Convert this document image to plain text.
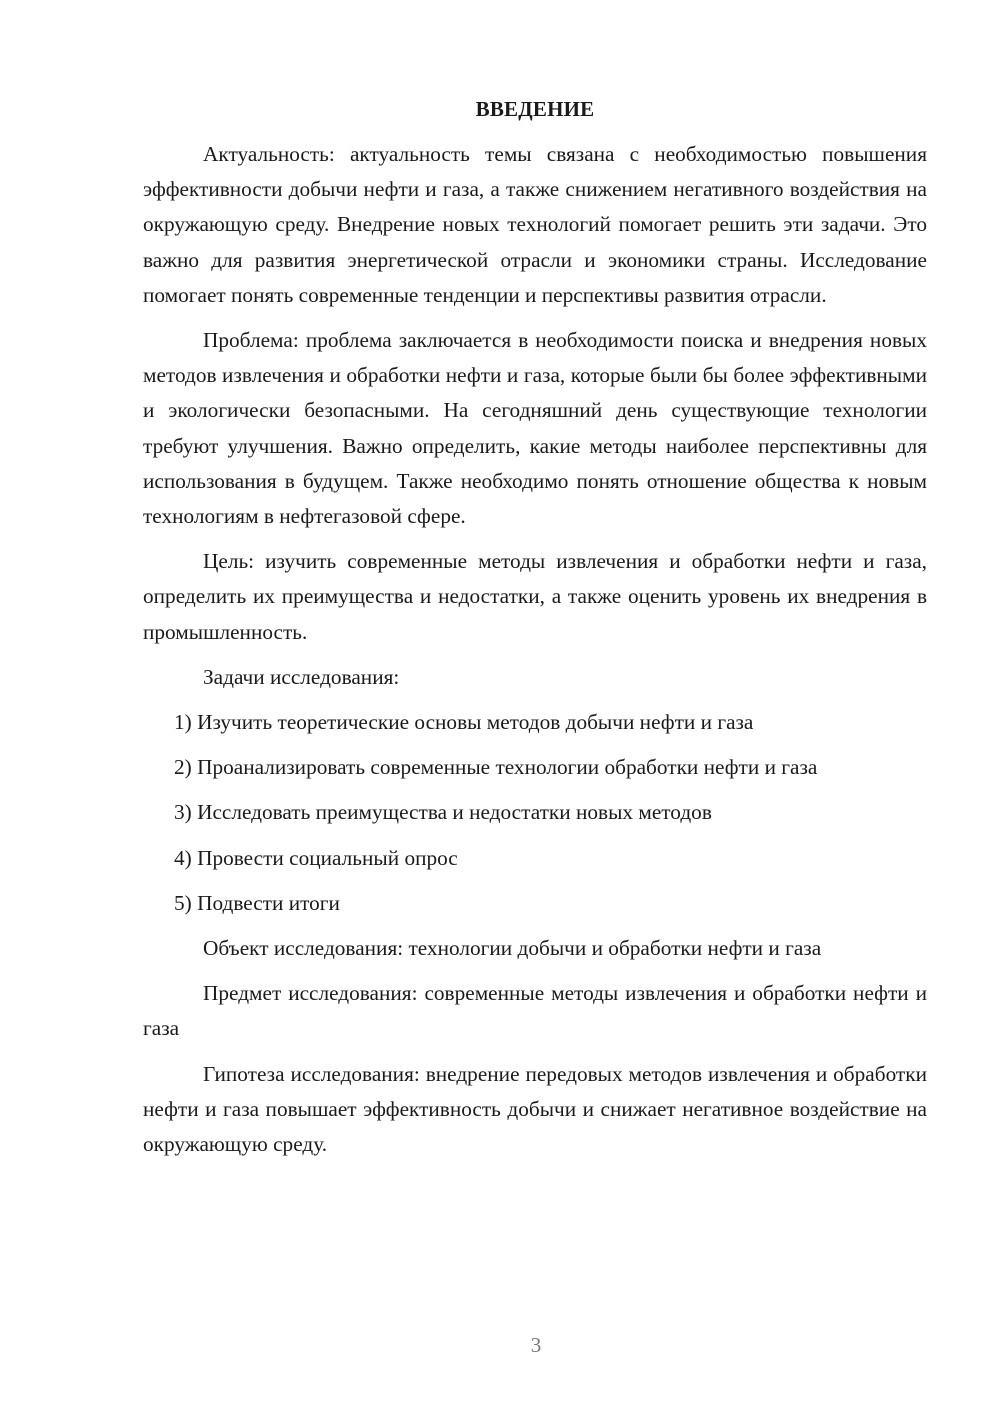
ВВЕДЕНИЕ

Актуальность: актуальность темы связана с необходимостью повышения эффективности добычи нефти и газа, а также снижением негативного воздействия на окружающую среду. Внедрение новых технологий помогает решить эти задачи. Это важно для развития энергетической отрасли и экономики страны. Исследование помогает понять современные тенденции и перспективы развития отрасли.

Проблема: проблема заключается в необходимости поиска и внедрения новых методов извлечения и обработки нефти и газа, которые были бы более эффективными и экологически безопасными. На сегодняшний день существующие технологии требуют улучшения. Важно определить, какие методы наиболее перспективны для использования в будущем. Также необходимо понять отношение общества к новым технологиям в нефтегазовой сфере.

Цель: изучить современные методы извлечения и обработки нефти и газа, определить их преимущества и недостатки, а также оценить уровень их внедрения в промышленность.

Задачи исследования:

1) Изучить теоретические основы методов добычи нефти и газа

2) Проанализировать современные технологии обработки нефти и газа

3) Исследовать преимущества и недостатки новых методов

4) Провести социальный опрос

5) Подвести итоги

Объект исследования: технологии добычи и обработки нефти и газа

Предмет исследования: современные методы извлечения и обработки нефти и газа

Гипотеза исследования: внедрение передовых методов извлечения и обработки нефти и газа повышает эффективность добычи и снижает негативное воздействие на окружающую среду.

3
